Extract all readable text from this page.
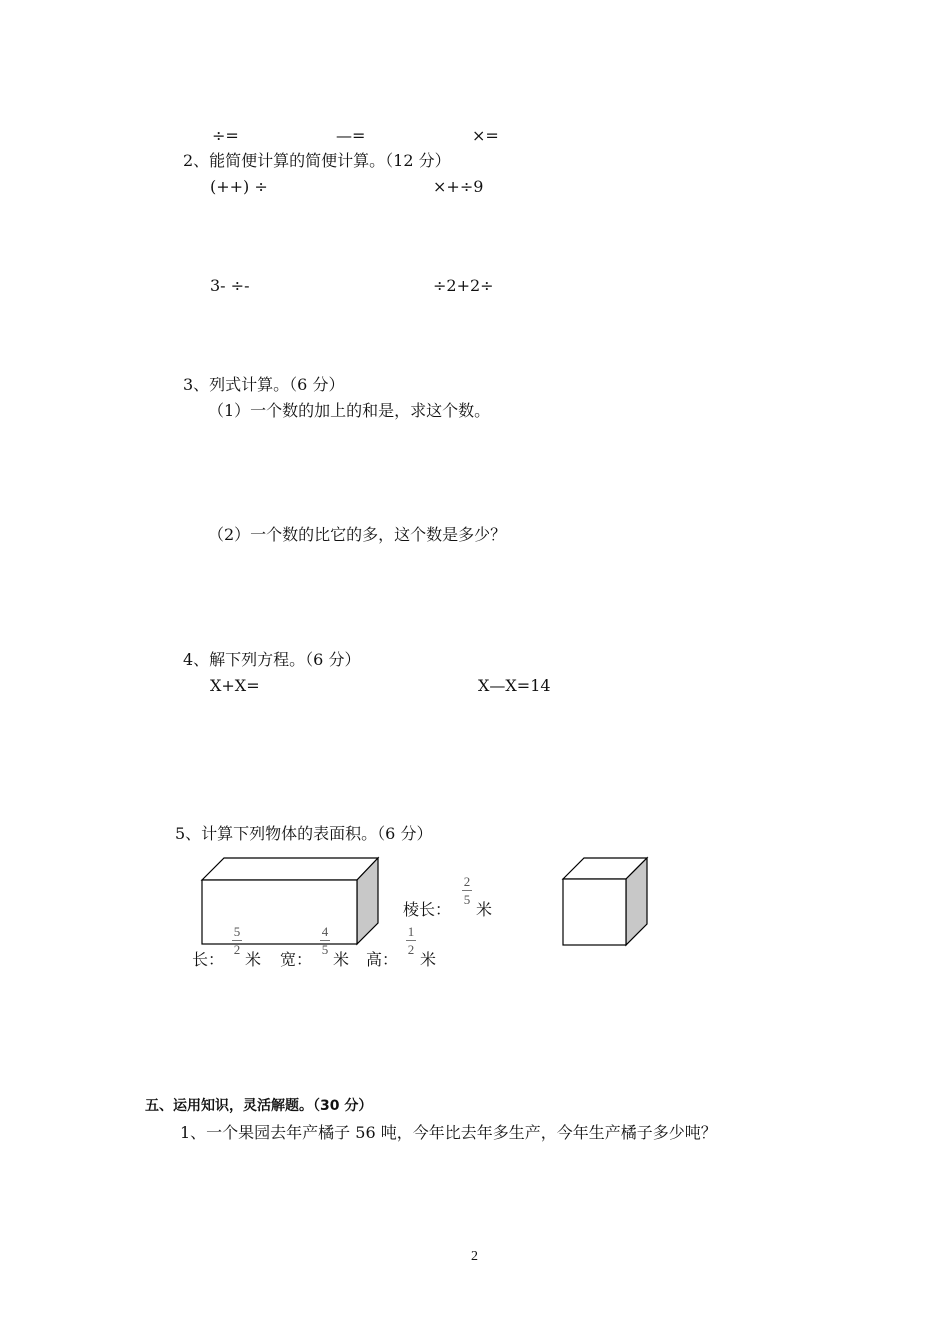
÷=	—=	×=
2、能简便计算的简便计算。（12 分）
(++) ÷	×+÷9
3- ÷-	÷2+2÷
3、列式计算。（6 分）
（1）一个数的加上的和是，求这个数。
（2）一个数的比它的多，这个数是多少？
4、解下列方程。（6 分）
X+X=	X—X=14
5、计算下列物体的表面积。（6 分）
长：
5
2
米 宽：
4
5
米 高：
1
2
米
棱长：
2
5
米
五、运用知识，灵活解题。（30 分）
1、一个果园去年产橘子 56 吨，今年比去年多生产，今年生产橘子多少吨？
2
